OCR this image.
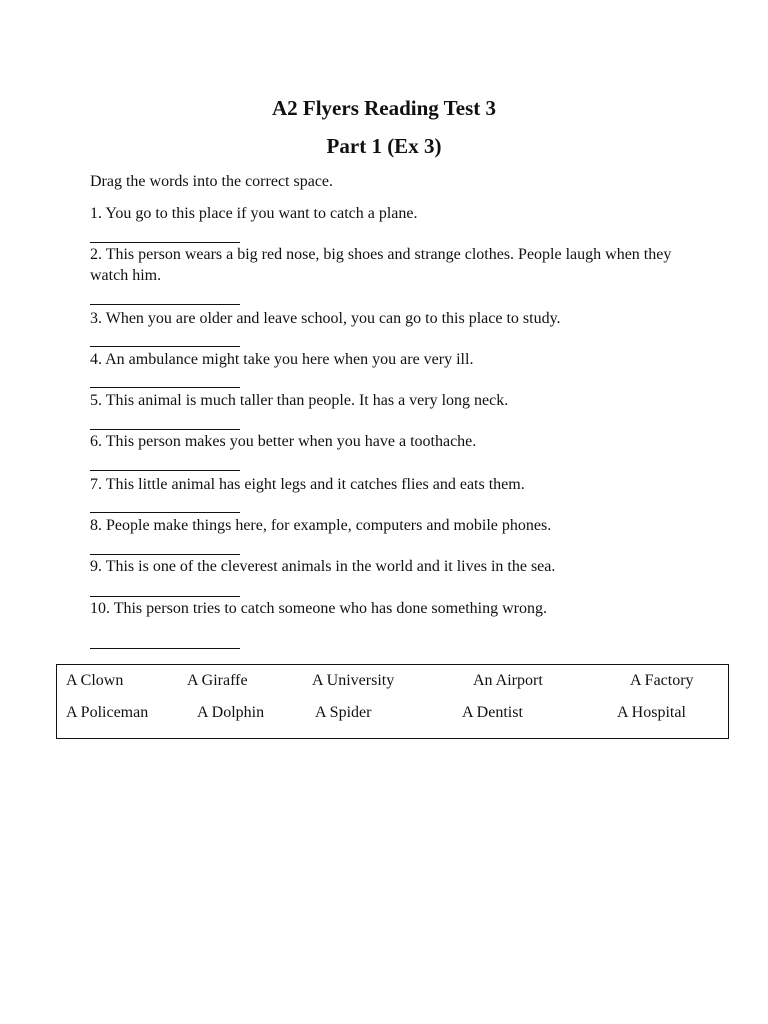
A2 Flyers Reading Test 3
Part 1 (Ex 3)
Drag the words into the correct space.
1. You go to this place if you want to catch a plane.
2. This person wears a big red nose, big shoes and strange clothes. People laugh when they watch him.
3. When you are older and leave school, you can go to this place to study.
4. An ambulance might take you here when you are very ill.
5. This animal is much taller than people. It has a very long neck.
6. This person makes you better when you have a toothache.
7. This little animal has eight legs and it catches flies and eats them.
8. People make things here, for example, computers and mobile phones.
9. This is one of the cleverest animals in the world and it lives in the sea.
10. This person tries to catch someone who has done something wrong.
A Clown	A Giraffe	A University	An Airport	A Factory
A Policeman	A Dolphin	A Spider	A Dentist	A Hospital
